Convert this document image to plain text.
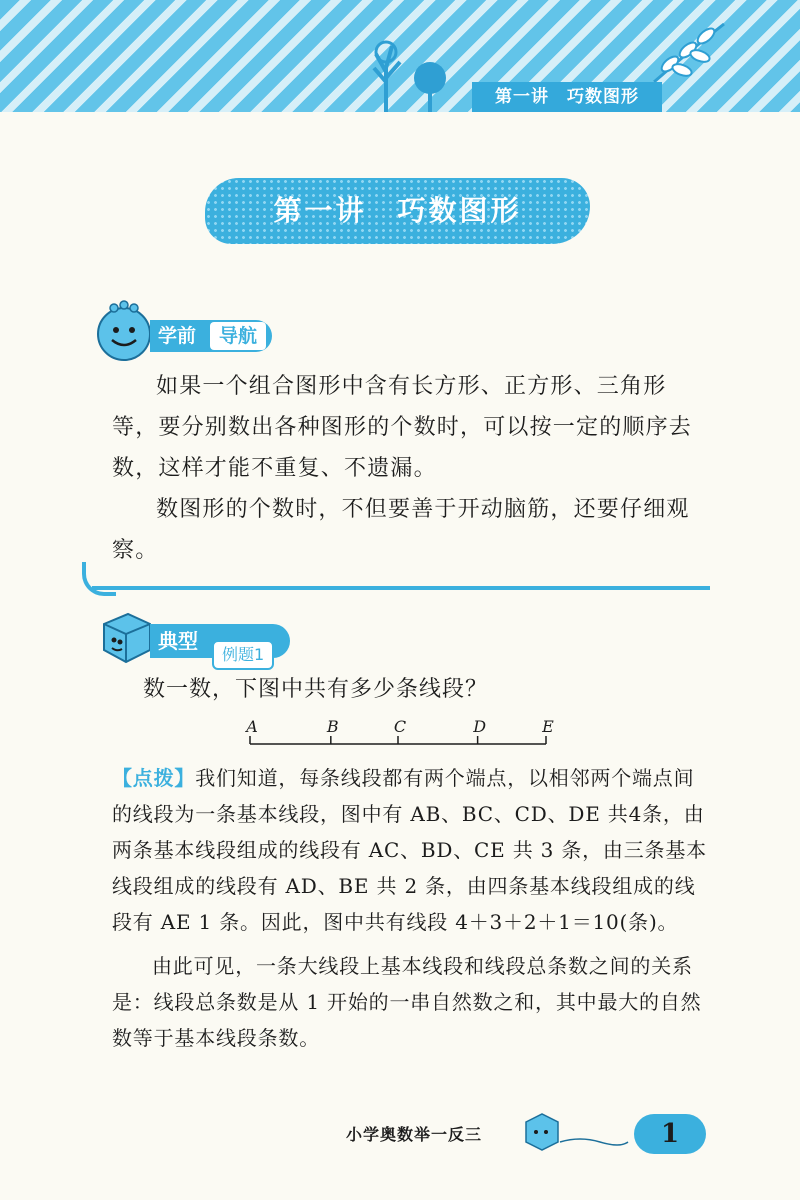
第一讲　巧数图形
第一讲　巧数图形
学前	导航

如果一个组合图形中含有长方形、正方形、三角形等，要分别数出各种图形的个数时，可以按一定的顺序去数，这样才能不重复、不遗漏。

数图形的个数时，不但要善于开动脑筋，还要仔细观察。

典型
例题1
数一数，下图中共有多少条线段？
A	B	C	D	E

【点拨】我们知道，每条线段都有两个端点，以相邻两个端点间的线段为一条基本线段，图中有 AB、BC、CD、DE 共4条，由两条基本线段组成的线段有 AC、BD、CE 共 3 条，由三条基本线段组成的线段有 AD、BE 共 2 条，由四条基本线段组成的线段有 AE 1 条。因此，图中共有线段 4＋3＋2＋1＝10(条)。

由此可见，一条大线段上基本线段和线段总条数之间的关系是：线段总条数是从 1 开始的一串自然数之和，其中最大的自然数等于基本线段条数。

小学奥数举一反三	1
